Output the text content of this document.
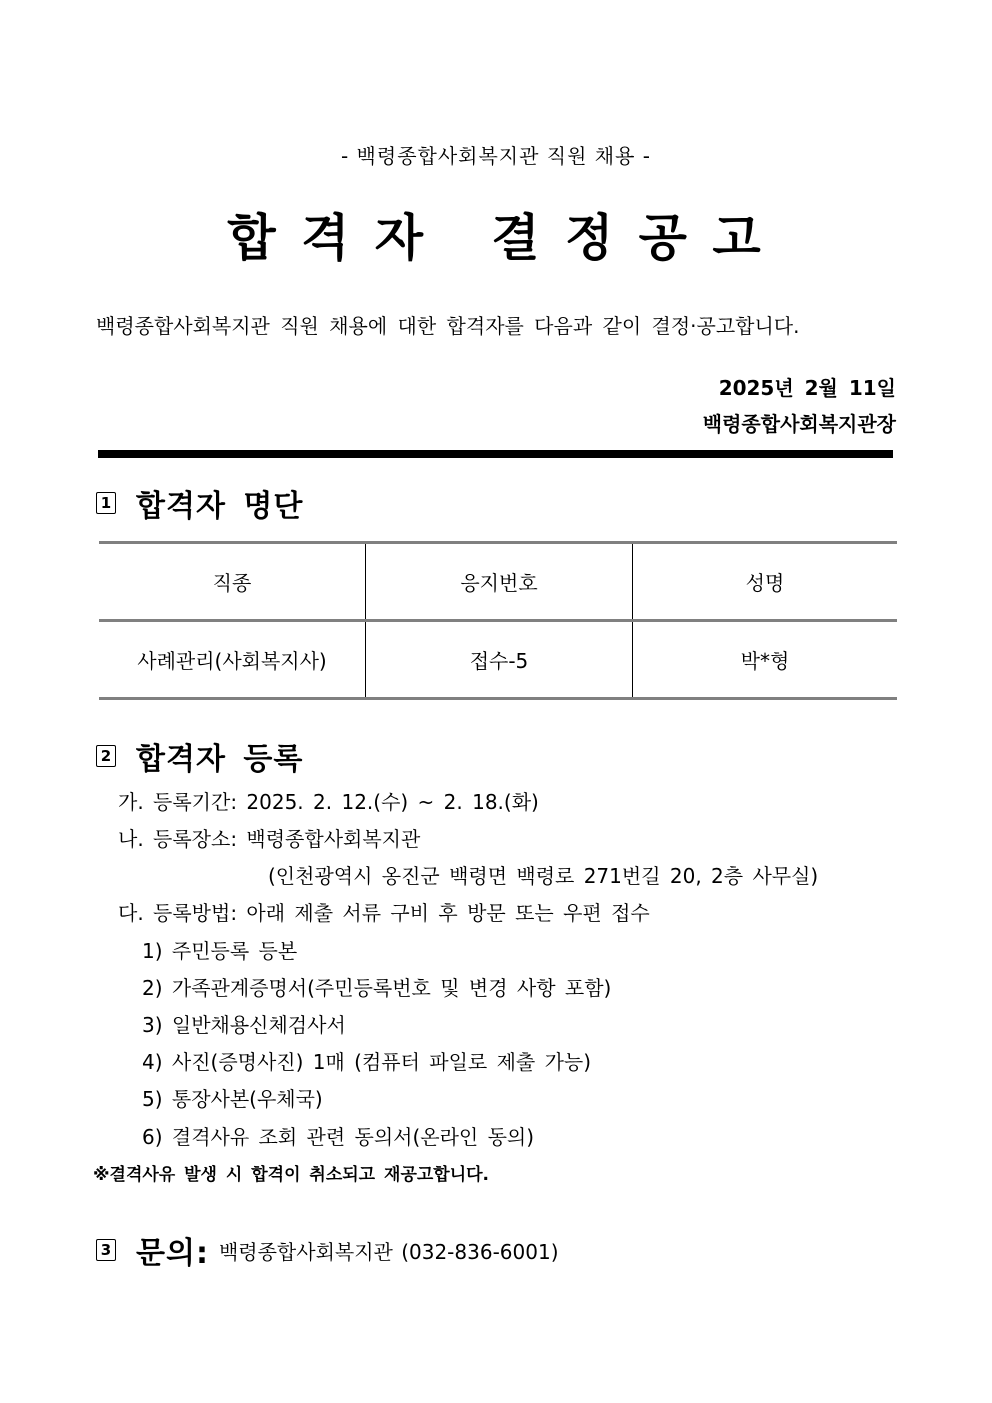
- 백령종합사회복지관 직원 채용 -
합 격 자   결 정 공 고
백령종합사회복지관 직원 채용에 대한 합격자를 다음과 같이 결정·공고합니다.
2025년 2월 11일
백령종합사회복지관장
1 합격자 명단
직종	응지번호	성명
사례관리(사회복지사)	접수-5	박*형
2 합격자 등록
가. 등록기간: 2025. 2. 12.(수) ~ 2. 18.(화)
나. 등록장소: 백령종합사회복지관
(인천광역시 옹진군 백령면 백령로 271번길 20, 2층 사무실)
다. 등록방법: 아래 제출 서류 구비 후 방문 또는 우편 접수
1) 주민등록 등본
2) 가족관계증명서(주민등록번호 및 변경 사항 포함)
3) 일반채용신체검사서
4) 사진(증명사진) 1매 (컴퓨터 파일로 제출 가능)
5) 통장사본(우체국)
6) 결격사유 조회 관련 동의서(온라인 동의)
※결격사유 발생 시 합격이 취소되고 재공고합니다.
3 문의: 백령종합사회복지관 (032-836-6001)
